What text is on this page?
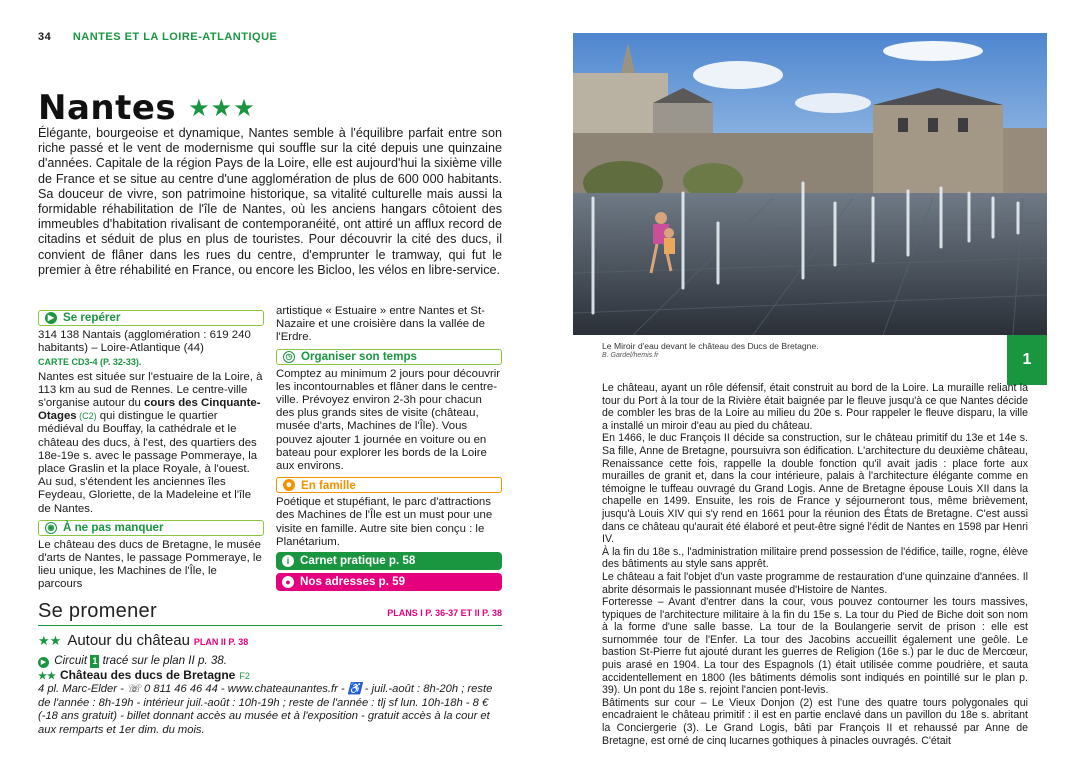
34 NANTES ET LA LOIRE-ATLANTIQUE
Nantes ★★★

Élégante, bourgeoise et dynamique, Nantes semble à l'équilibre parfait entre son riche passé et le vent de modernisme qui souffle sur la cité depuis une quinzaine d'années. Capitale de la région Pays de la Loire, elle est aujourd'hui la sixième ville de France et se situe au centre d'une agglomération de plus de 600 000 habitants. Sa douceur de vivre, son patrimoine historique, sa vitalité culturelle mais aussi la formidable réhabilitation de l'île de Nantes, où les anciens hangars côtoient des immeubles d'habitation rivalisant de contemporanéité, ont attiré un afflux record de citadins et séduit de plus en plus de touristes. Pour découvrir la cité des ducs, il convient de flâner dans les rues du centre, d'emprunter le tramway, qui fut le premier à être réhabilité en France, ou encore les Bicloo, les vélos en libre-service.

▶ Se repérer
314 138 Nantais (agglomération : 619 240 habitants) – Loire-Atlantique (44)
CARTE CD3-4 (P. 32-33).
Nantes est située sur l'estuaire de la Loire, à 113 km au sud de Rennes. Le centre-ville s'organise autour du cours des Cinquante-Otages (C2) qui distingue le quartier médiéval du Bouffay, la cathédrale et le château des ducs, à l'est, des quartiers des 18e-19e s. avec le passage Pommeraye, la place Graslin et la place Royale, à l'ouest. Au sud, s'étendent les anciennes îles Feydeau, Gloriette, de la Madeleine et l'île de Nantes.
◉ À ne pas manquer
Le château des ducs de Bretagne, le musée d'arts de Nantes, le passage Pommeraye, le lieu unique, les Machines de l'Île, le parcours
artistique « Estuaire » entre Nantes et St-Nazaire et une croisière dans la vallée de l'Erdre.
◷ Organiser son temps
Comptez au minimum 2 jours pour découvrir les incontournables et flâner dans le centre-ville. Prévoyez environ 2-3h pour chacun des plus grands sites de visite (château, musée d'arts, Machines de l'Île). Vous pouvez ajouter 1 journée en voiture ou en bateau pour explorer les bords de la Loire aux environs.
☻ En famille
Poétique et stupéfiant, le parc d'attractions des Machines de l'Île est un must pour une visite en famille. Autre site bien conçu : le Planétarium.
i Carnet pratique p. 58
● Nos adresses p. 59
Se promener	PLANS I P. 36-37 ET II P. 38
★★ Autour du château PLAN II P. 38
▶ Circuit 1 tracé sur le plan II p. 38.
★★ Château des ducs de Bretagne F2
4 pl. Marc-Elder - ☏ 0 811 46 46 44 - www.chateaunantes.fr - ♿ - juil.-août : 8h-20h ; reste de l'année : 8h-19h - intérieur juil.-août : 10h-19h ; reste de l'année : tlj sf lun. 10h-18h - 8 € (-18 ans gratuit) - billet donnant accès au musée et à l'exposition - gratuit accès à la cour et aux remparts et 1er dim. du mois.
Le Miroir d'eau devant le château des Ducs de Bretagne.
B. Gardel/hemis.fr	1

Le château, ayant un rôle défensif, était construit au bord de la Loire. La muraille reliant la tour du Port à la tour de la Rivière était baignée par le fleuve jusqu'à ce que Nantes décide de combler les bras de la Loire au milieu du 20e s. Pour rappeler le fleuve disparu, la ville a installé un miroir d'eau au pied du château.

En 1466, le duc François II décide sa construction, sur le château primitif du 13e et 14e s. Sa fille, Anne de Bretagne, poursuivra son édification. L'architecture du deuxième château, Renaissance cette fois, rappelle la double fonction qu'il avait jadis : place forte aux murailles de granit et, dans la cour intérieure, palais à l'architecture élégante comme en témoigne le tuffeau ouvragé du Grand Logis. Anne de Bretagne épouse Louis XII dans la chapelle en 1499. Ensuite, les rois de France y séjourneront tous, même brièvement, jusqu'à Louis XIV qui s'y rend en 1661 pour la réunion des États de Bretagne. C'est aussi dans ce château qu'aurait été élaboré et peut-être signé l'édit de Nantes en 1598 par Henri IV.

À la fin du 18e s., l'administration militaire prend possession de l'édifice, taille, rogne, élève des bâtiments au style sans apprêt.

Le château a fait l'objet d'un vaste programme de restauration d'une quinzaine d'années. Il abrite désormais le passionnant musée d'Histoire de Nantes.

Forteresse – Avant d'entrer dans la cour, vous pouvez contourner les tours massives, typiques de l'architecture militaire à la fin du 15e s. La tour du Pied de Biche doit son nom à la forme d'une salle basse. La tour de la Boulangerie servit de prison : elle est surnommée tour de l'Enfer. La tour des Jacobins accueillit également une geôle. Le bastion St-Pierre fut ajouté durant les guerres de Religion (16e s.) par le duc de Mercœur, puis arasé en 1904. La tour des Espagnols (1) était utilisée comme poudrière, et sauta accidentellement en 1800 (les bâtiments démolis sont indiqués en pointillé sur le plan p. 39). Un pont du 18e s. rejoint l'ancien pont-levis.

Bâtiments sur cour – Le Vieux Donjon (2) est l'une des quatre tours polygonales qui encadraient le château primitif : il est en partie enclavé dans un pavillon du 18e s. abritant la Conciergerie (3). Le Grand Logis, bâti par François II et rehaussé par Anne de Bretagne, est orné de cinq lucarnes gothiques à pinacles ouvragés. C'était
